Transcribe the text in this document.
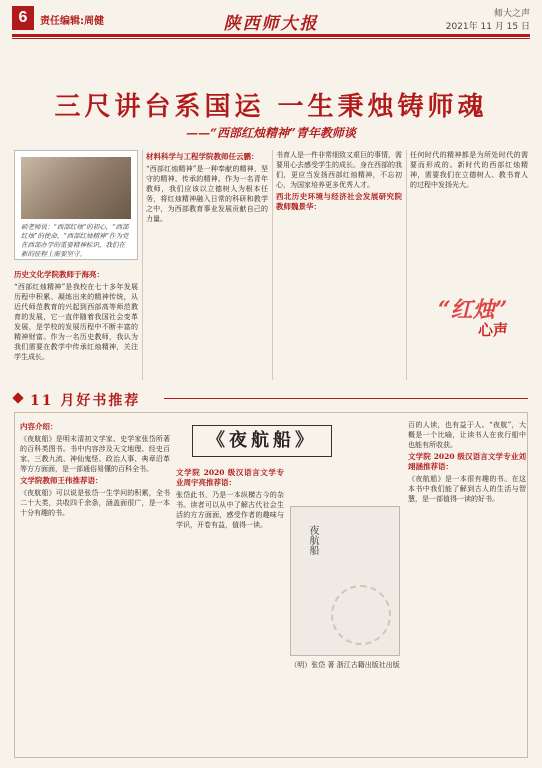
6	责任编辑:周健	陕西师大报	师大之声
2021年 11 月 15 日
三尺讲台系国运 一生秉烛铸师魂
——“西部红烛精神”青年教师谈
硕老师说：“西部红烛”的初心，“西部红烛”的使命，“西部红烛精神”作为党在西部办学的重要精神标识，我们在新的征程上需要坚守。
历史文化学院教师于海亮：
“西部红烛精神”是我校在七十多年发展历程中积累、凝练出来的精神传统，从近代师范教育的兴起到西部高等师范教育的发展，它一直伴随着我国社会变革发展，是学校的发展历程中不断丰富的精神财富。作为一名历史教师，我认为我们需要在教学中传承红烛精神，关注学生成长。
材料科学与工程学院教师任云鹏：
“西部红烛精神”是一种奉献的精神、坚守的精神、传承的精神。作为一名青年教师，我们应该以立德树人为根本任务，将红烛精神融入日常的科研和教学之中，为西部教育事业发展贡献自己的力量。
书育人是一件非常细致又艰巨的事情，需要用心去感受学生的成长。身在西部的我们，更应当发扬西部红烛精神，不忘初心，为国家培养更多优秀人才。
西北历史环境与经济社会发展研究院教师魏景华：
任何时代的精神都是为所处时代的需要而形成的。新时代的西部红烛精神，需要我们在立德树人、教书育人的过程中发扬光大。
“红烛”
心声
11 月好书推荐
内容介绍：
《夜航船》是明末清初文学家、史学家张岱所著的百科类图书。书中内容涉及天文地理、经史百家、三教九流、神仙鬼怪、政治人事、典章沿革等方方面面，是一部通俗易懂的百科全书。
文学院教师王伟推荐语：
《夜航船》可以说是张岱一生学问的积累，全书二十大类，共收四千余条，涵盖面很广，是一本十分有趣的书。
《夜航船》
文学院 2020 级汉语言文学专业周宇亮推荐语：
张岱此书，乃是一本纵横古今的杂书。读者可以从中了解古代社会生活的方方面面，感受作者的趣味与学识，开卷有益，值得一读。	夜航船
（明）张岱 著 浙江古籍出版社出版
百的人读，也有益于人。“夜航”，大概是一个比喻，让读书人在夜行船中也能有所收获。
文学院 2020 级汉语言文学专业刘翊涵推荐语：
《夜航船》是一本很有趣的书。在这本书中我们能了解到古人的生活与智慧，是一部值得一读的好书。
